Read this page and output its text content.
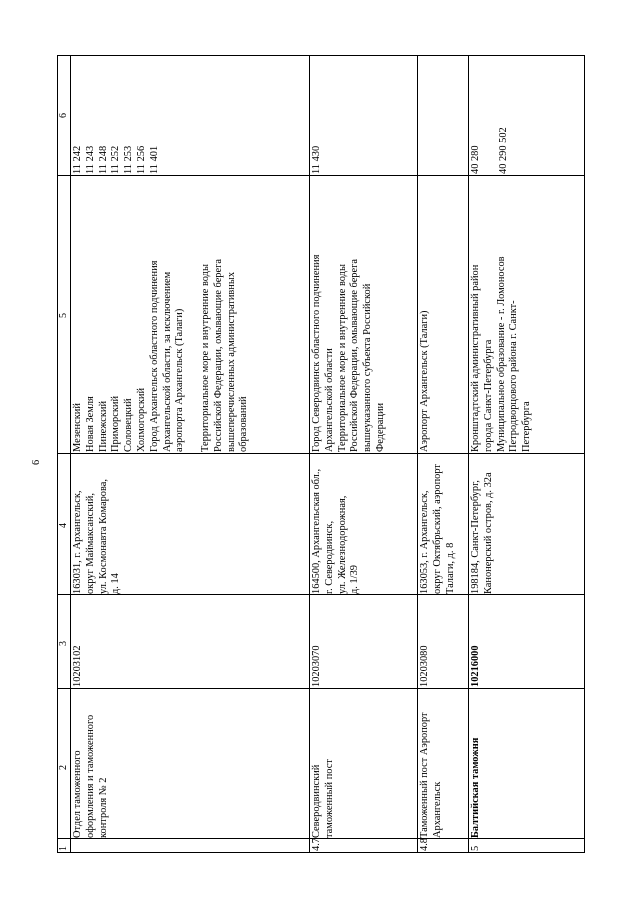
6
1
2
3
4
5
6
Отдел таможенного оформления и таможенного контроля № 2
10203102
163031, г. Архангельск, округ Маймаксанский, ул. Космонавта Комарова, д. 14
Мезенский Новая Земля Пинежский Приморский Соловецкий Холмогорский Город Архангельск областного подчинения Архангельской области, за исключением аэропорта Архангельск (Талаги)
Территориальное море и внутренние воды Российской Федерации, омывающие берега вышеперечисленных административных образований
11 242 11 243 11 248 11 252 11 253 11 256 11 401
4.7
Северодвинский таможенный пост
10203070
164500, Архангельская обл., г. Северодвинск, ул. Железнодорожная, д. 1/39
Город Северодвинск областного подчинения Архангельской области Территориальное море и внутренние воды Российской Федерации, омывающие берега вышеуказанного субъекта Российской Федерации
11 430
4.8
Таможенный пост Аэропорт Архангельск
10203080
163053, г. Архангельск, округ Октябрьский, аэропорт Талаги, д. 8
Аэропорт Архангельск (Талаги)
5
Балтийская таможня
10216000
198184, Санкт-Петербург, Канонерский остров, д. 32а
Кронштадтский административный район города Санкт-Петербурга Муниципальное образование - г. Ломоносов Петродворцового района г. Санкт- Петербурга
40 280 40 290 502
